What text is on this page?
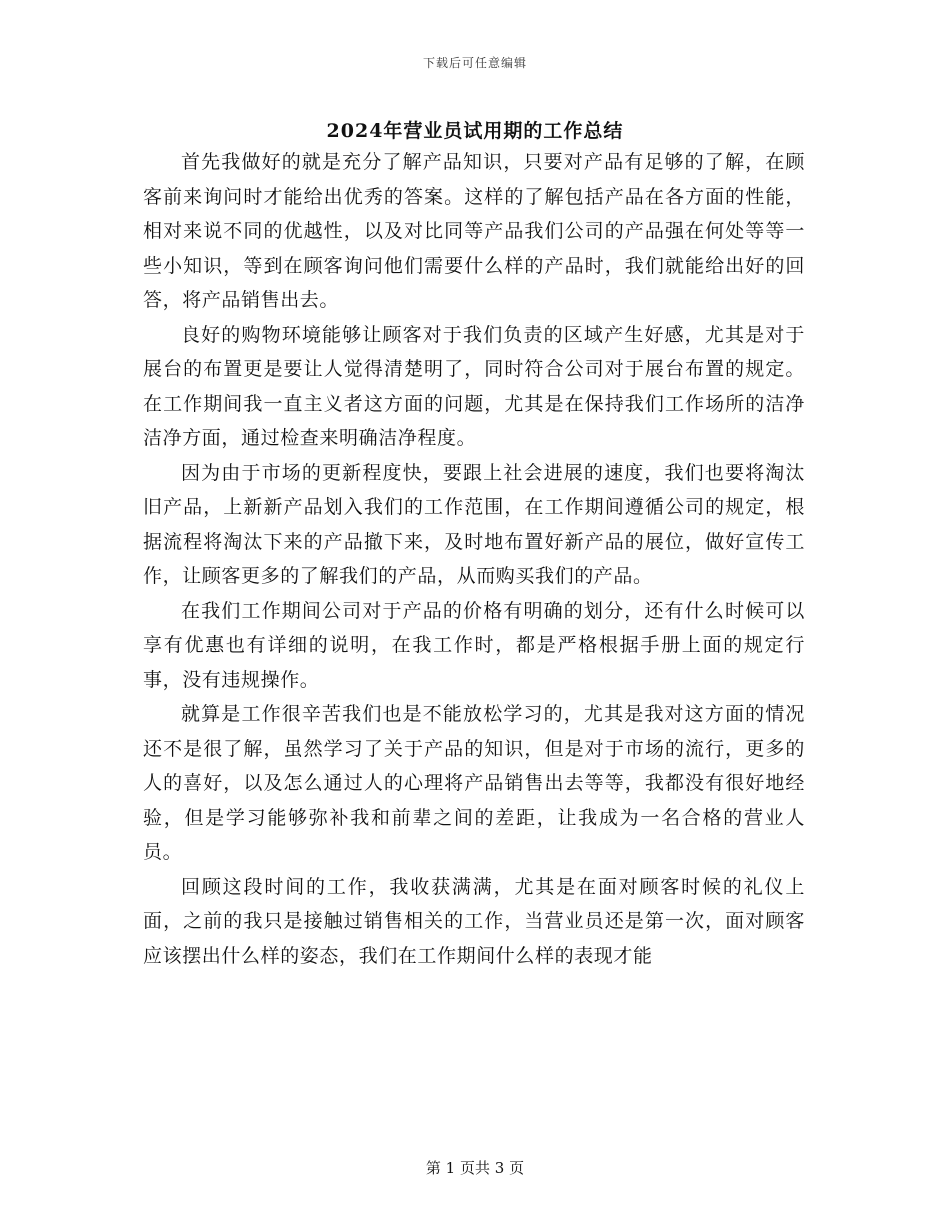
下载后可任意编辑
2024年营业员试用期的工作总结

首先我做好的就是充分了解产品知识，只要对产品有足够的了解，在顾客前来询问时才能给出优秀的答案。这样的了解包括产品在各方面的性能，相对来说不同的优越性，以及对比同等产品我们公司的产品强在何处等等一些小知识，等到在顾客询问他们需要什么样的产品时，我们就能给出好的回答，将产品销售出去。

良好的购物环境能够让顾客对于我们负责的区域产生好感，尤其是对于展台的布置更是要让人觉得清楚明了，同时符合公司对于展台布置的规定。在工作期间我一直主义者这方面的问题，尤其是在保持我们工作场所的洁净洁净方面，通过检查来明确洁净程度。

因为由于市场的更新程度快，要跟上社会进展的速度，我们也要将淘汰旧产品，上新新产品划入我们的工作范围，在工作期间遵循公司的规定，根据流程将淘汰下来的产品撤下来，及时地布置好新产品的展位，做好宣传工作，让顾客更多的了解我们的产品，从而购买我们的产品。

在我们工作期间公司对于产品的价格有明确的划分，还有什么时候可以享有优惠也有详细的说明，在我工作时，都是严格根据手册上面的规定行事，没有违规操作。

就算是工作很辛苦我们也是不能放松学习的，尤其是我对这方面的情况还不是很了解，虽然学习了关于产品的知识，但是对于市场的流行，更多的人的喜好，以及怎么通过人的心理将产品销售出去等等，我都没有很好地经验，但是学习能够弥补我和前辈之间的差距，让我成为一名合格的营业人员。

回顾这段时间的工作，我收获满满，尤其是在面对顾客时候的礼仪上面，之前的我只是接触过销售相关的工作，当营业员还是第一次，面对顾客应该摆出什么样的姿态，我们在工作期间什么样的表现才能

第 1 页共 3 页
